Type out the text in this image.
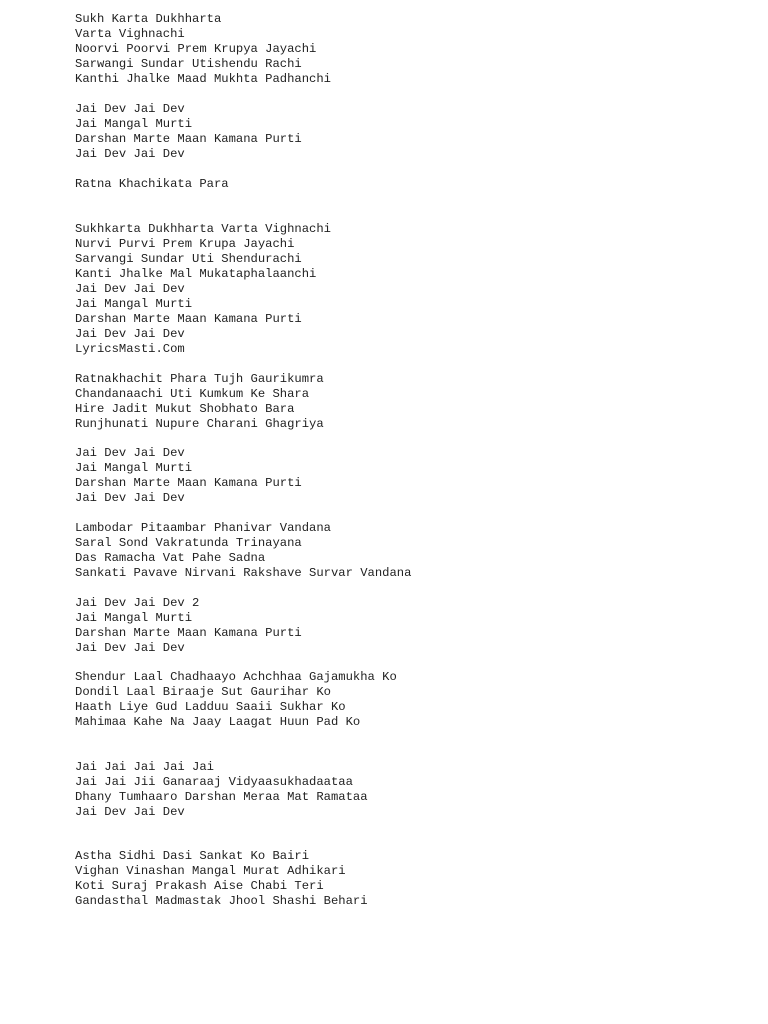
Sukh Karta Dukhharta
Varta Vighnachi
Noorvi Poorvi Prem Krupya Jayachi
Sarwangi Sundar Utishendu Rachi
Kanthi Jhalke Maad Mukhta Padhanchi
Jai Dev Jai Dev
Jai Mangal Murti
Darshan Marte Maan Kamana Purti
Jai Dev Jai Dev
Ratna Khachikata Para
Sukhkarta Dukhharta Varta Vighnachi
Nurvi Purvi Prem Krupa Jayachi
Sarvangi Sundar Uti Shendurachi
Kanti Jhalke Mal Mukataphalaanchi
Jai Dev Jai Dev
Jai Mangal Murti
Darshan Marte Maan Kamana Purti
Jai Dev Jai Dev
LyricsMasti.Com
Ratnakhachit Phara Tujh Gaurikumra
Chandanaachi Uti Kumkum Ke Shara
Hire Jadit Mukut Shobhato Bara
Runjhunati Nupure Charani Ghagriya
Jai Dev Jai Dev
Jai Mangal Murti
Darshan Marte Maan Kamana Purti
Jai Dev Jai Dev
Lambodar Pitaambar Phanivar Vandana
Saral Sond Vakratunda Trinayana
Das Ramacha Vat Pahe Sadna
Sankati Pavave Nirvani Rakshave Survar Vandana
Jai Dev Jai Dev 2
Jai Mangal Murti
Darshan Marte Maan Kamana Purti
Jai Dev Jai Dev
Shendur Laal Chadhaayo Achchhaa Gajamukha Ko
Dondil Laal Biraaje Sut Gaurihar Ko
Haath Liye Gud Ladduu Saaii Sukhar Ko
Mahimaa Kahe Na Jaay Laagat Huun Pad Ko
Jai Jai Jai Jai Jai
Jai Jai Jii Ganaraaj Vidyaasukhadaataa
Dhany Tumhaaro Darshan Meraa Mat Ramataa
Jai Dev Jai Dev
Astha Sidhi Dasi Sankat Ko Bairi
Vighan Vinashan Mangal Murat Adhikari
Koti Suraj Prakash Aise Chabi Teri
Gandasthal Madmastak Jhool Shashi Behari
